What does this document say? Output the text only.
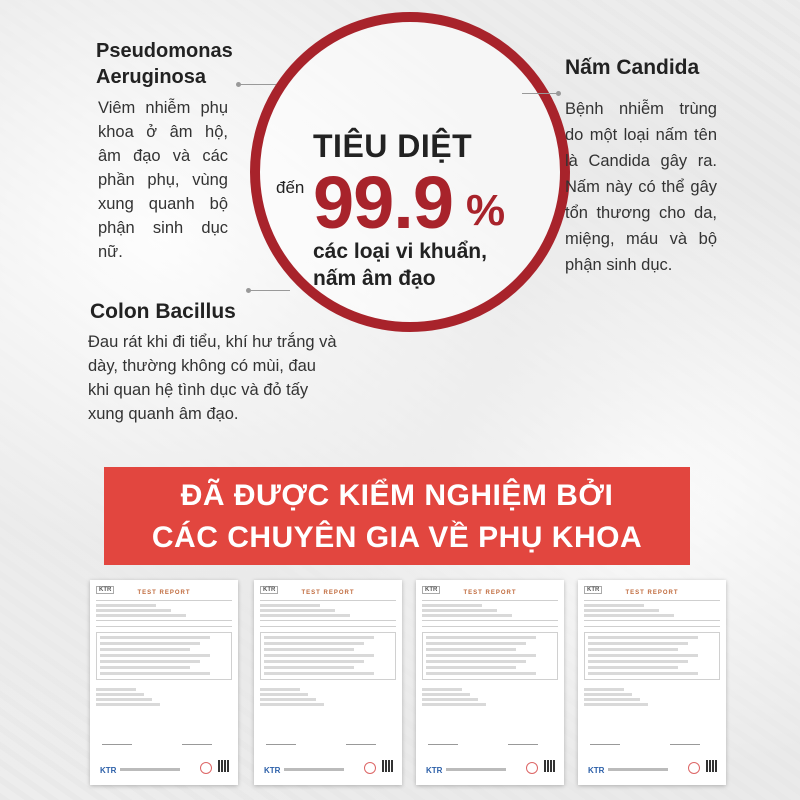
TIÊU DIỆT
đến 99.9 %
các loại vi khuẩn,
nấm âm đạo
Pseudomonas
Aeruginosa
Viêm nhiễm phụ khoa ở âm hộ, âm đạo và các phần phụ, vùng xung quanh bộ phận sinh dục nữ.
Nấm Candida
Bệnh nhiễm trùng do một loại nấm tên là Candida gây ra. Nấm này có thể gây tổn thương cho da, miệng, máu và bộ phận sinh dục.
Colon Bacillus
Đau rát khi đi tiểu, khí hư trắng và dày, thường không có mùi, đau khi quan hệ tình dục và đỏ tấy xung quanh âm đạo.
ĐÃ ĐƯỢC KIỂM NGHIỆM BỞI
CÁC CHUYÊN GIA VỀ PHỤ KHOA
KTR	TEST REPORT
KTR
KTR	TEST REPORT
KTR
KTR	TEST REPORT
KTR
KTR	TEST REPORT
KTR
